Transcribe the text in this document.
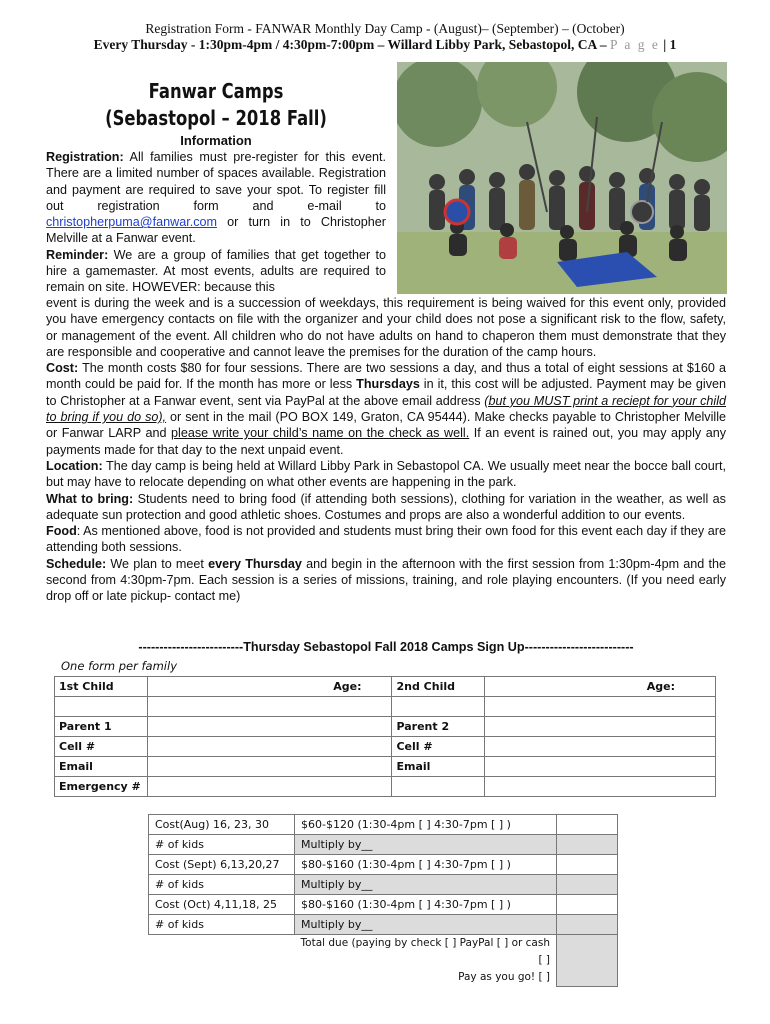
Registration Form - FANWAR Monthly Day Camp - (August)– (September) – (October)
Every Thursday - 1:30pm-4pm / 4:30pm-7:00pm – Willard Libby Park, Sebastopol, CA – P a g e | 1
Fanwar Camps
(Sebastopol – 2018 Fall)
Information
Registration: All families must pre-register for this event. There are a limited number of spaces available. Registration and payment are required to save your spot. To register fill out registration form and e-mail to christopherpuma@fanwar.com or turn in to Christopher Melville at a Fanwar event.
Reminder: We are a group of families that get together to hire a gamemaster. At most events, adults are required to remain on site. HOWEVER: because this
event is during the week and is a succession of weekdays, this requirement is being waived for this event only, provided you have emergency contacts on file with the organizer and your child does not pose a significant risk to the flow, safety, or management of the event. All children who do not have adults on hand to chaperon them must demonstrate that they are responsible and cooperative and cannot leave the premises for the duration of the camp hours.
Cost: The month costs $80 for four sessions. There are two sessions a day, and thus a total of eight sessions at $160 a month could be paid for. If the month has more or less Thursdays in it, this cost will be adjusted. Payment may be given to Christopher at a Fanwar event, sent via PayPal at the above email address (but you MUST print a reciept for your child to bring if you do so), or sent in the mail (PO BOX 149, Graton, CA 95444). Make checks payable to Christopher Melville or Fanwar LARP and please write your child’s name on the check as well. If an event is rained out, you may apply any payments made for that day to the next unpaid event.
Location: The day camp is being held at Willard Libby Park in Sebastopol CA. We usually meet near the bocce ball court, but may have to relocate depending on what other events are happening in the park.
What to bring: Students need to bring food (if attending both sessions), clothing for variation in the weather, as well as adequate sun protection and good athletic shoes. Costumes and props are also a wonderful addition to our events.
Food: As mentioned above, food is not provided and students must bring their own food for this event each day if they are attending both sessions.
Schedule: We plan to meet every Thursday and begin in the afternoon with the first session from 1:30pm-4pm and the second from 4:30pm-7pm. Each session is a series of missions, training, and role playing encounters. (If you need early drop off or late pickup- contact me)
-------------------------Thursday Sebastopol Fall 2018 Camps Sign Up--------------------------
One form per family
1st Child	Age:	2nd Child	Age:

Parent 1		Parent 2	
Cell #		Cell #	
Email		Email	
Emergency #			
Cost(Aug) 16, 23, 30	$60-$120 (1:30-4pm [ ] 4:30-7pm [ ] )	
# of kids	Multiply by__	
Cost (Sept) 6,13,20,27	$80-$160 (1:30-4pm [ ] 4:30-7pm [ ] )	
# of kids	Multiply by__	
Cost (Oct) 4,11,18, 25	$80-$160 (1:30-4pm [ ] 4:30-7pm [ ] )	
# of kids	Multiply by__	
	Total due (paying by check [ ] PayPal [ ] or cash [ ]
Pay as you go! [ ]	
